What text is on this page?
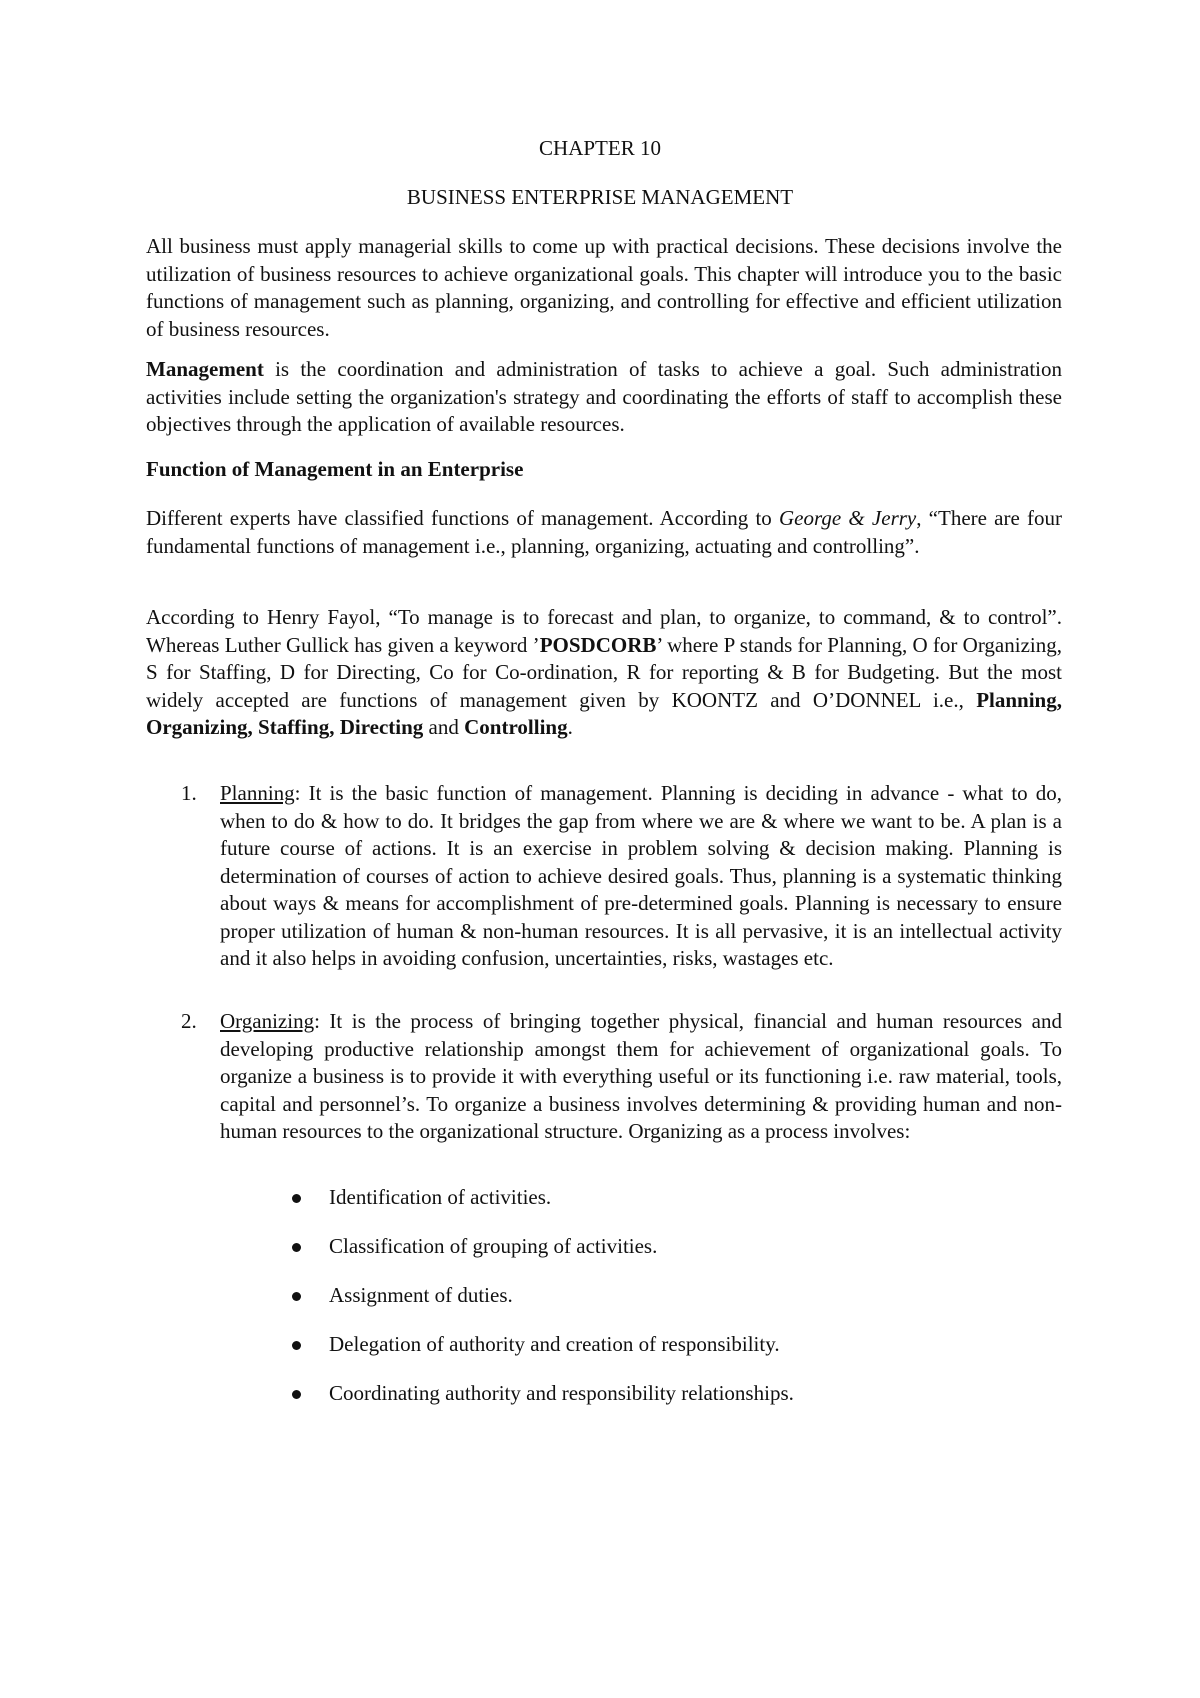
CHAPTER 10
BUSINESS ENTERPRISE MANAGEMENT

All business must apply managerial skills to come up with practical decisions. These decisions involve the utilization of business resources to achieve organizational goals. This chapter will introduce you to the basic functions of management such as planning, organizing, and controlling for effective and efficient utilization of business resources.

Management is the coordination and administration of tasks to achieve a goal. Such administration activities include setting the organization's strategy and coordinating the efforts of staff to accomplish these objectives through the application of available resources.

Function of Management in an Enterprise

Different experts have classified functions of management. According to George & Jerry, “There are four fundamental functions of management i.e., planning, organizing, actuating and controlling”.

According to Henry Fayol, “To manage is to forecast and plan, to organize, to command, & to control”. Whereas Luther Gullick has given a keyword ’POSDCORB’ where P stands for Planning, O for Organizing, S for Staffing, D for Directing, Co for Co-ordination, R for reporting & B for Budgeting. But the most widely accepted are functions of management given by KOONTZ and O’DONNEL i.e., Planning, Organizing, Staffing, Directing and Controlling.

1. Planning: It is the basic function of management. Planning is deciding in advance - what to do, when to do & how to do. It bridges the gap from where we are & where we want to be. A plan is a future course of actions. It is an exercise in problem solving & decision making. Planning is determination of courses of action to achieve desired goals. Thus, planning is a systematic thinking about ways & means for accomplishment of pre-determined goals. Planning is necessary to ensure proper utilization of human & non-human resources. It is all pervasive, it is an intellectual activity and it also helps in avoiding confusion, uncertainties, risks, wastages etc.

2. Organizing: It is the process of bringing together physical, financial and human resources and developing productive relationship amongst them for achievement of organizational goals. To organize a business is to provide it with everything useful or its functioning i.e. raw material, tools, capital and personnel’s. To organize a business involves determining & providing human and non-human resources to the organizational structure. Organizing as a process involves:

Identification of activities.
Classification of grouping of activities.
Assignment of duties.
Delegation of authority and creation of responsibility.
Coordinating authority and responsibility relationships.
